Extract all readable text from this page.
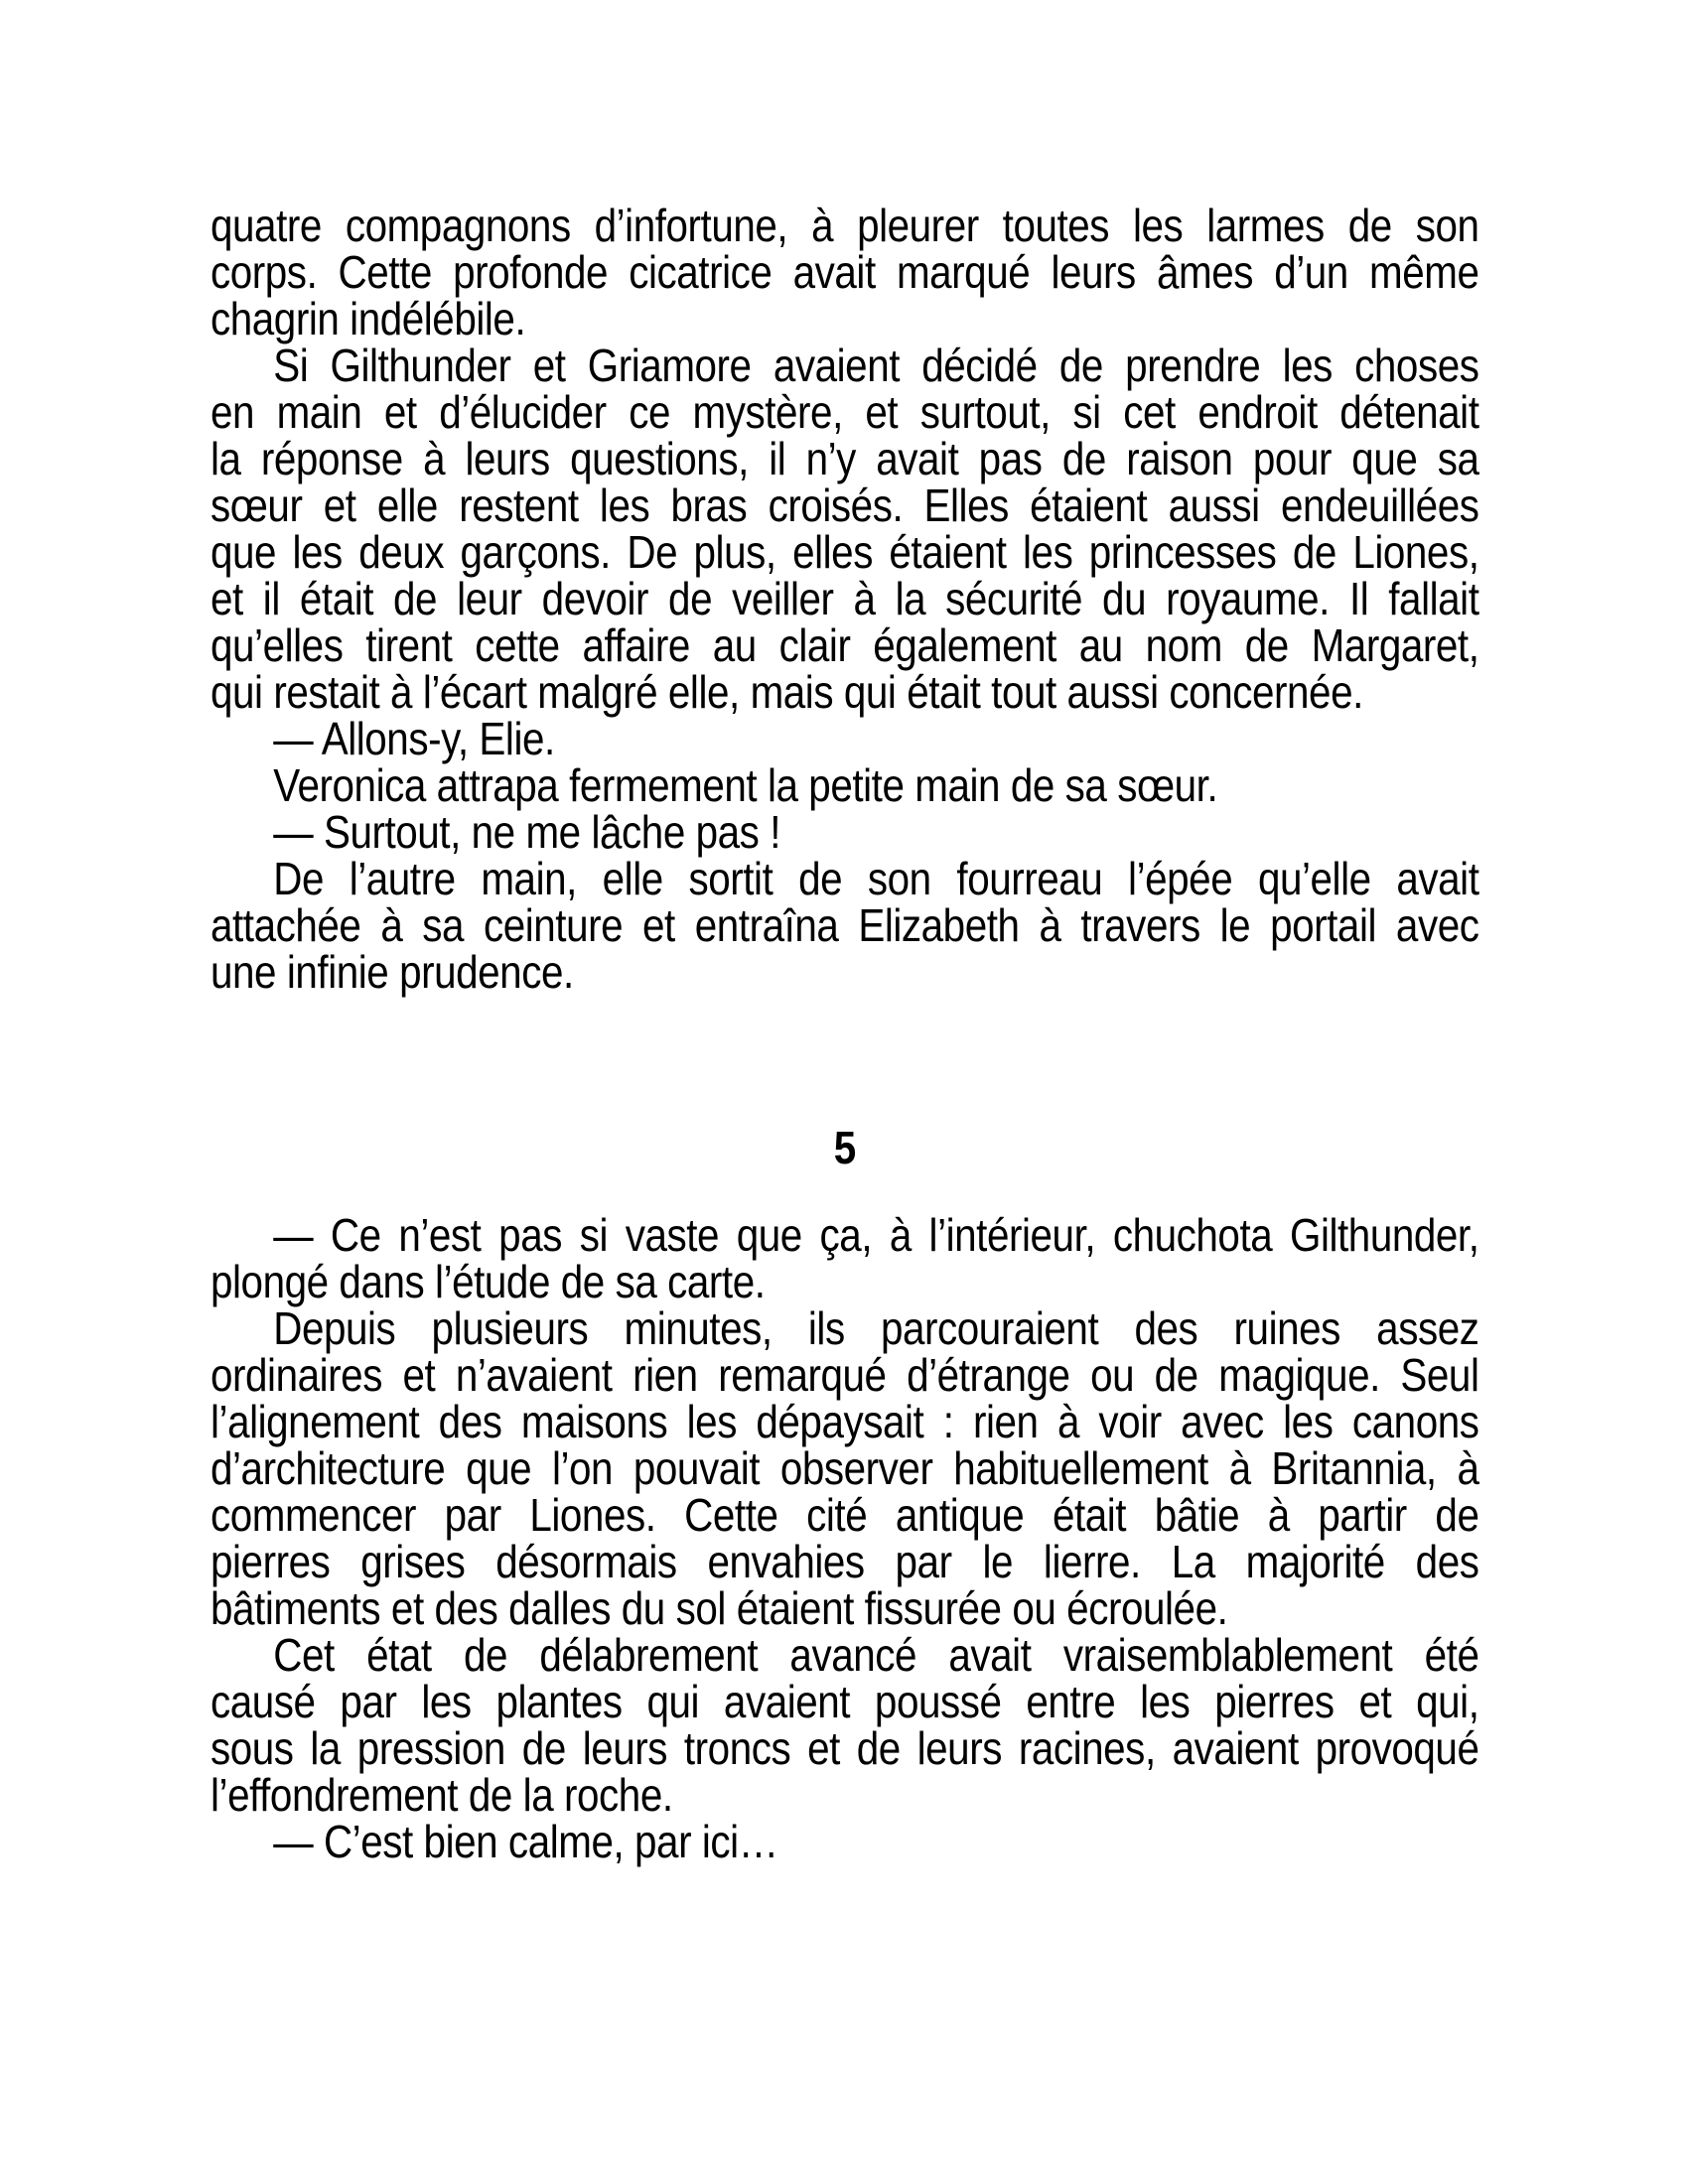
quatre compagnons d’infortune, à pleurer toutes les larmes de son
corps. Cette profonde cicatrice avait marqué leurs âmes d’un même
chagrin indélébile.

Si Gilthunder et Griamore avaient décidé de prendre les choses
en main et d’élucider ce mystère, et surtout, si cet endroit détenait
la réponse à leurs questions, il n’y avait pas de raison pour que sa
sœur et elle restent les bras croisés. Elles étaient aussi endeuillées
que les deux garçons. De plus, elles étaient les princesses de Liones,
et il était de leur devoir de veiller à la sécurité du royaume. Il fallait
qu’elles tirent cette affaire au clair également au nom de Margaret,
qui restait à l’écart malgré elle, mais qui était tout aussi concernée.

— Allons-y, Elie.

Veronica attrapa fermement la petite main de sa sœur.

— Surtout, ne me lâche pas !

De l’autre main, elle sortit de son fourreau l’épée qu’elle avait
attachée à sa ceinture et entraîna Elizabeth à travers le portail avec
une infinie prudence.

5

— Ce n’est pas si vaste que ça, à l’intérieur, chuchota Gilthunder,
plongé dans l’étude de sa carte.

Depuis plusieurs minutes, ils parcouraient des ruines assez
ordinaires et n’avaient rien remarqué d’étrange ou de magique. Seul
l’alignement des maisons les dépaysait : rien à voir avec les canons
d’architecture que l’on pouvait observer habituellement à Britannia, à
commencer par Liones. Cette cité antique était bâtie à partir de
pierres grises désormais envahies par le lierre. La majorité des
bâtiments et des dalles du sol étaient fissurée ou écroulée.

Cet état de délabrement avancé avait vraisemblablement été
causé par les plantes qui avaient poussé entre les pierres et qui,
sous la pression de leurs troncs et de leurs racines, avaient provoqué
l’effondrement de la roche.

— C’est bien calme, par ici…
